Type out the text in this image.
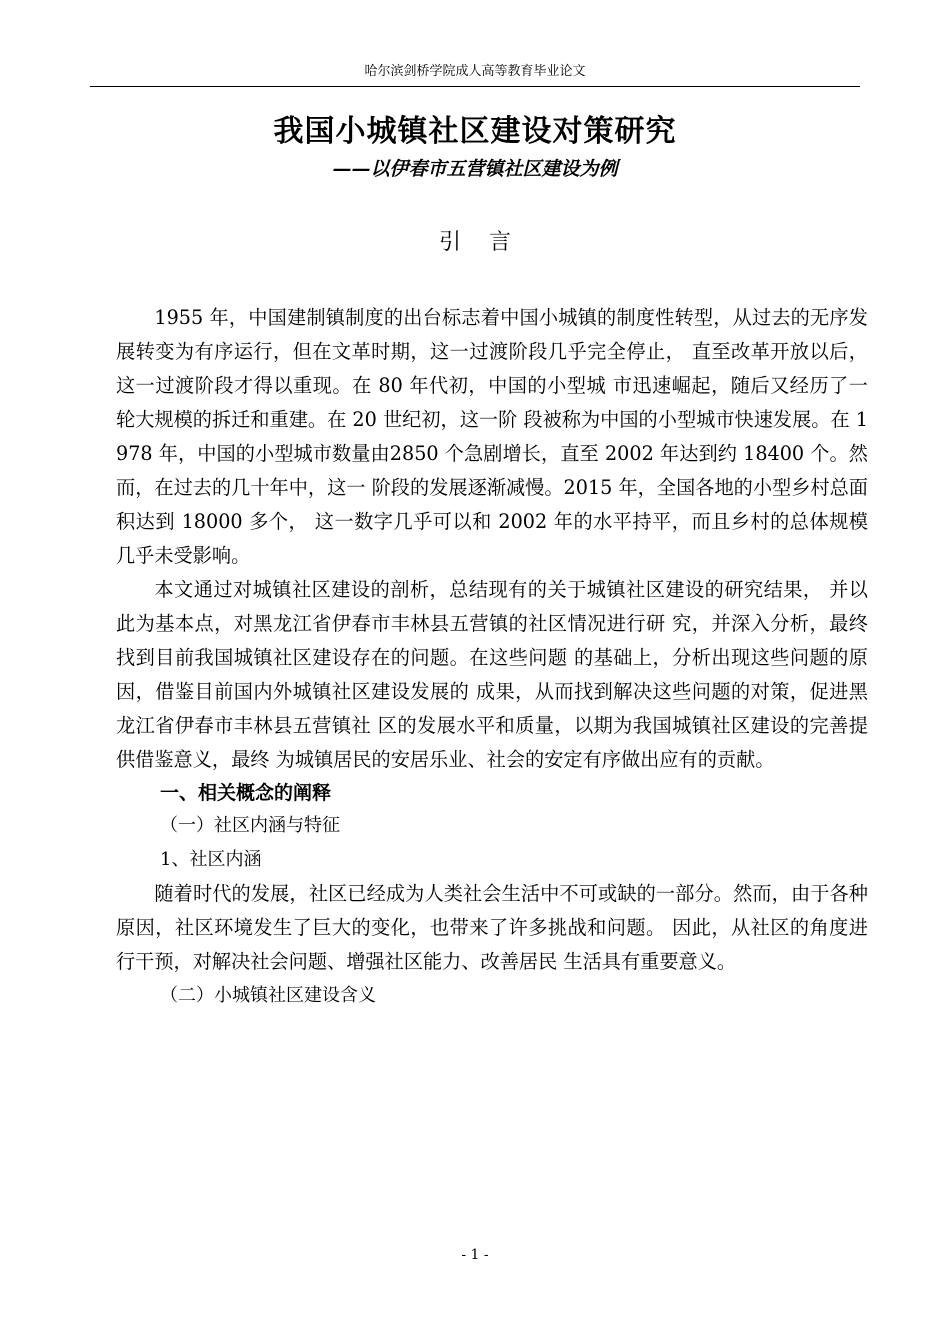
哈尔滨剑桥学院成人高等教育毕业论文
我国小城镇社区建设对策研究
——以伊春市五营镇社区建设为例
引言

1955 年，中国建制镇制度的出台标志着中国小城镇的制度性转型，从过去的无序发展转变为有序运行，但在文革时期，这一过渡阶段几乎完全停止， 直至改革开放以后，这一过渡阶段才得以重现。在 80 年代初，中国的小型城 市迅速崛起，随后又经历了一轮大规模的拆迁和重建。在 20 世纪初，这一阶 段被称为中国的小型城市快速发展。在 1978 年，中国的小型城市数量由2850 个急剧增长，直至 2002 年达到约 18400 个。然而，在过去的几十年中，这一 阶段的发展逐渐减慢。2015 年，全国各地的小型乡村总面积达到 18000 多个， 这一数字几乎可以和 2002 年的水平持平，而且乡村的总体规模几乎未受影响。

本文通过对城镇社区建设的剖析，总结现有的关于城镇社区建设的研究结果， 并以此为基本点，对黑龙江省伊春市丰林县五营镇的社区情况进行研 究，并深入分析，最终找到目前我国城镇社区建设存在的问题。在这些问题 的基础上，分析出现这些问题的原因，借鉴目前国内外城镇社区建设发展的 成果，从而找到解决这些问题的对策，促进黑龙江省伊春市丰林县五营镇社 区的发展水平和质量，以期为我国城镇社区建设的完善提供借鉴意义，最终 为城镇居民的安居乐业、社会的安定有序做出应有的贡献。

一、相关概念的阐释

（一）社区内涵与特征

1、社区内涵

随着时代的发展，社区已经成为人类社会生活中不可或缺的一部分。然而，由于各种原因，社区环境发生了巨大的变化，也带来了许多挑战和问题。 因此，从社区的角度进行干预，对解决社会问题、增强社区能力、改善居民 生活具有重要意义。

（二）小城镇社区建设含义

- 1 -
